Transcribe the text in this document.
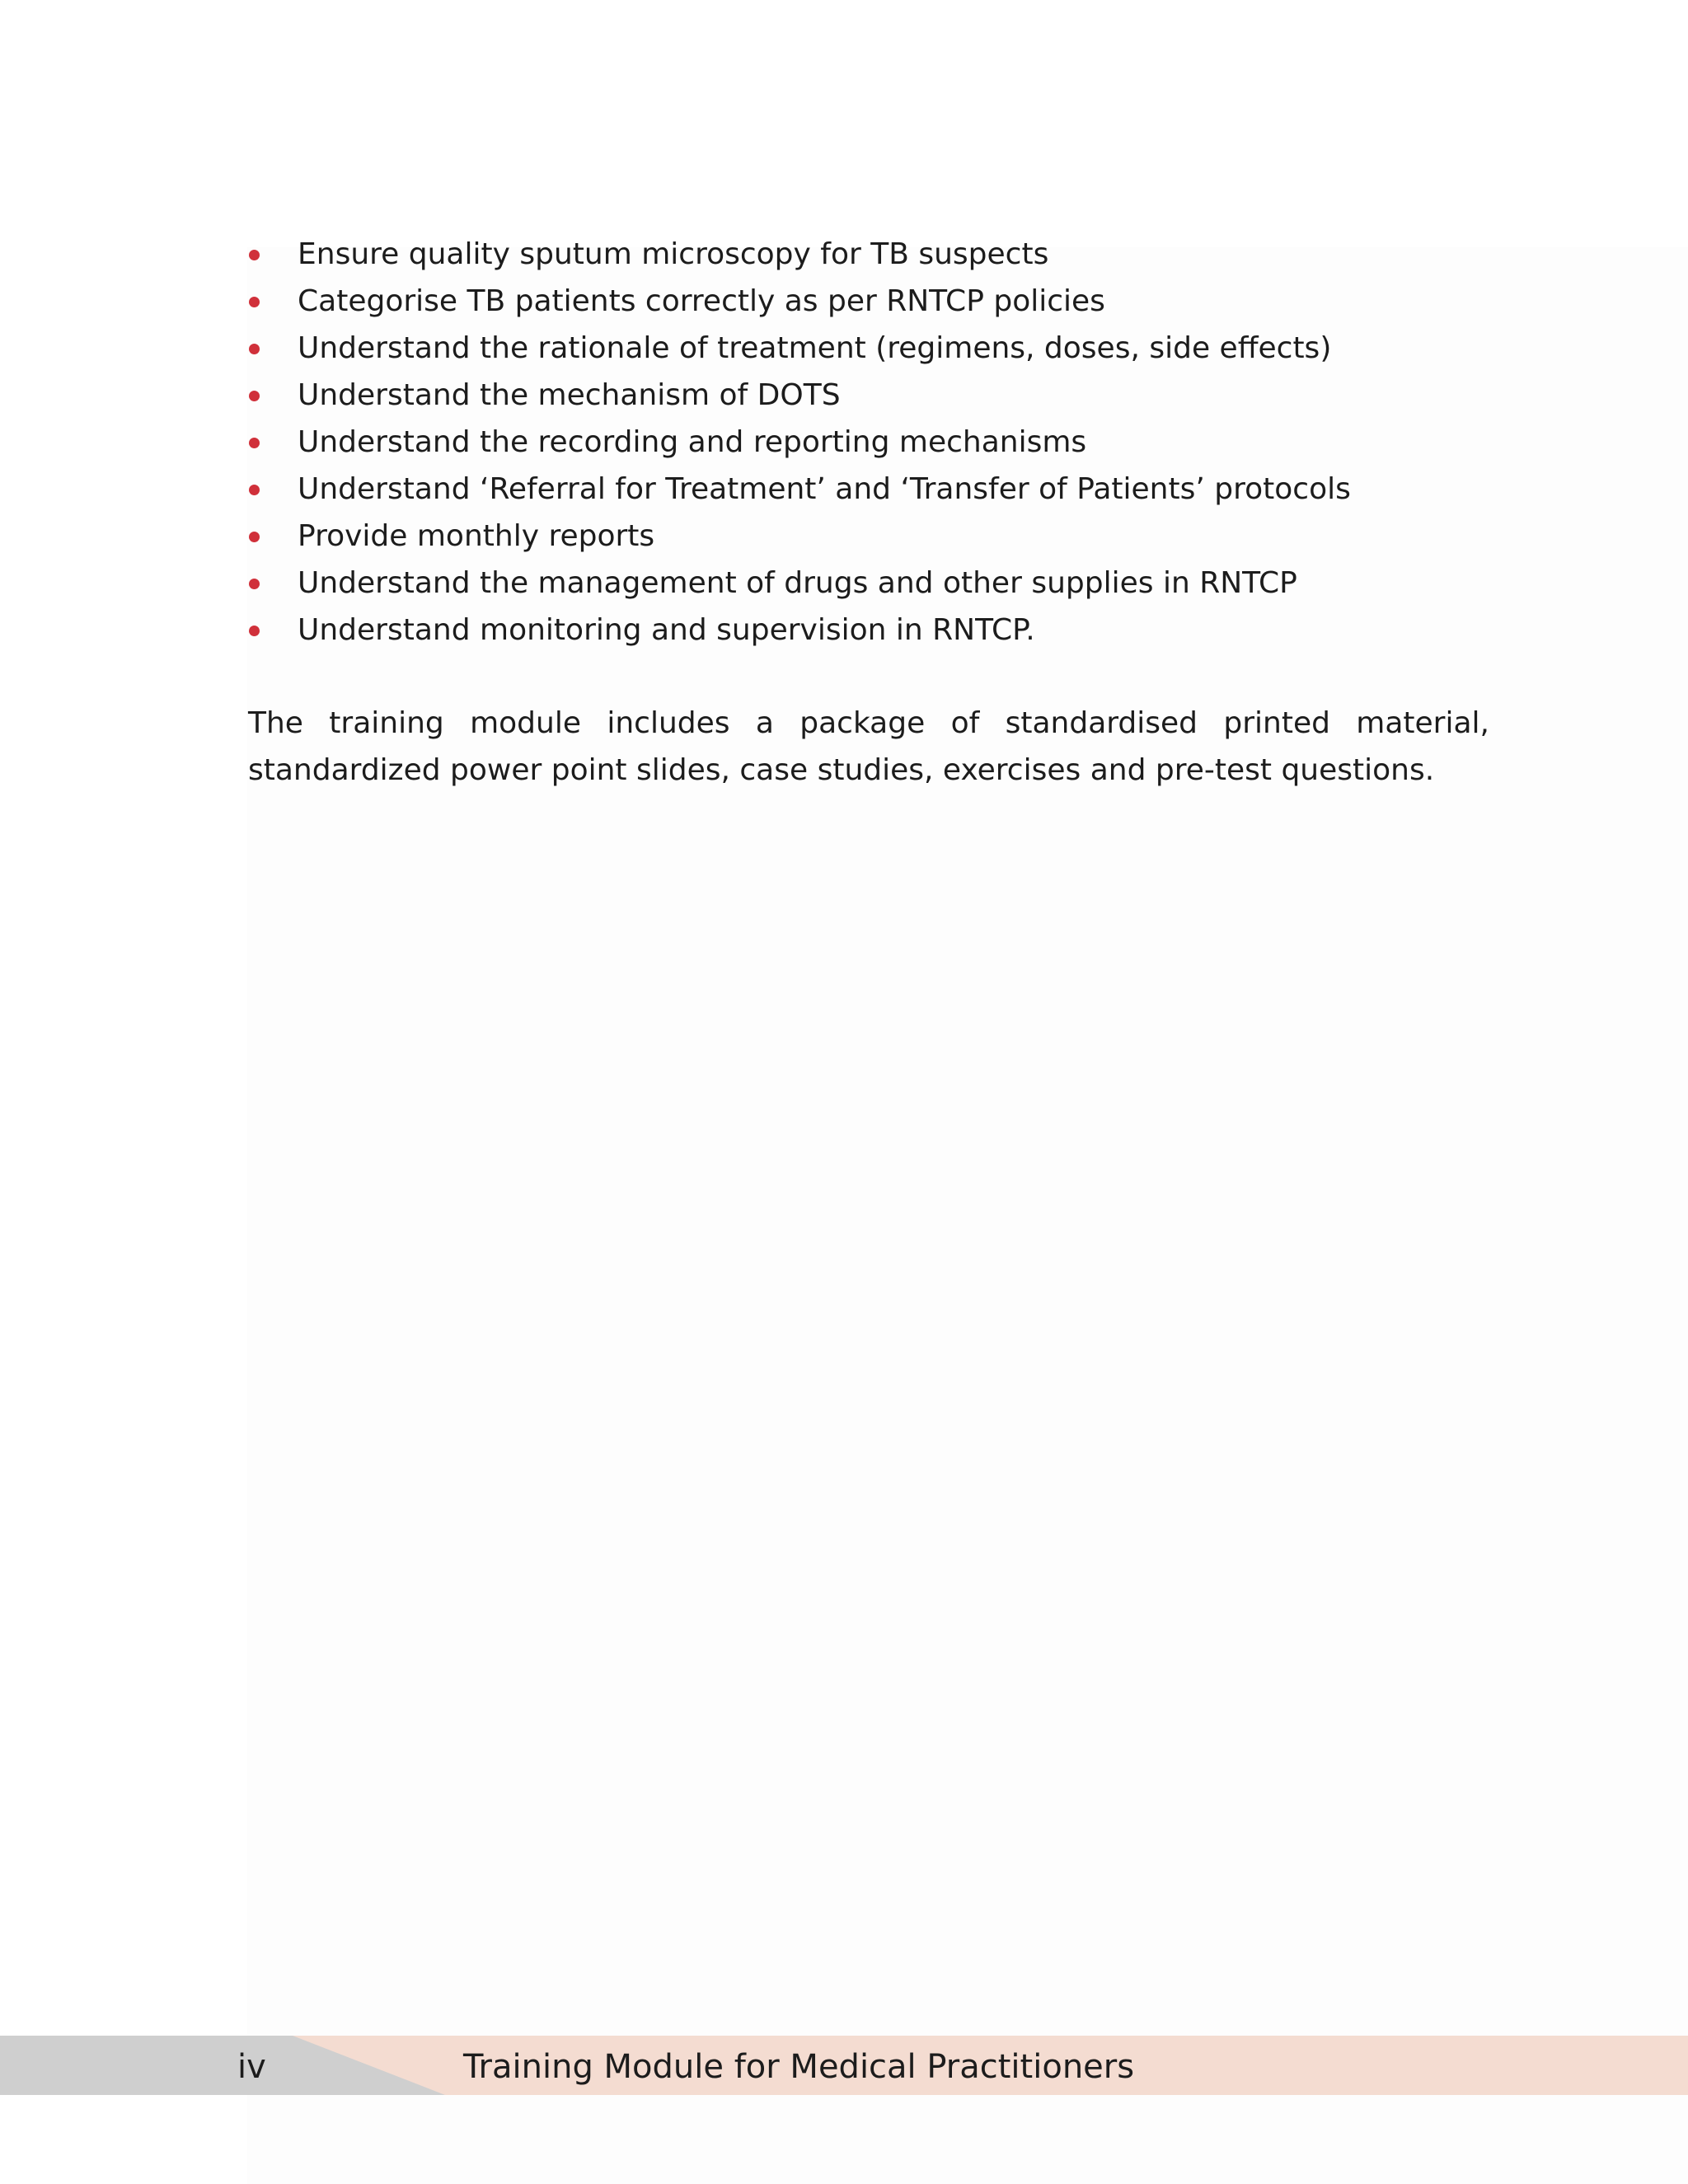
Ensure quality sputum microscopy for TB suspects
Categorise TB patients correctly as per RNTCP policies
Understand the rationale of treatment (regimens, doses, side effects)
Understand the mechanism of DOTS
Understand the recording and reporting mechanisms
Understand ‘Referral for Treatment’ and ‘Transfer of Patients’ protocols
Provide monthly reports
Understand the management of drugs and other supplies in RNTCP
Understand monitoring and supervision in RNTCP.

The training module includes a package of standardised printed material, standardized power point slides, case studies, exercises and pre-test questions.

iv	Training Module for Medical Practitioners
